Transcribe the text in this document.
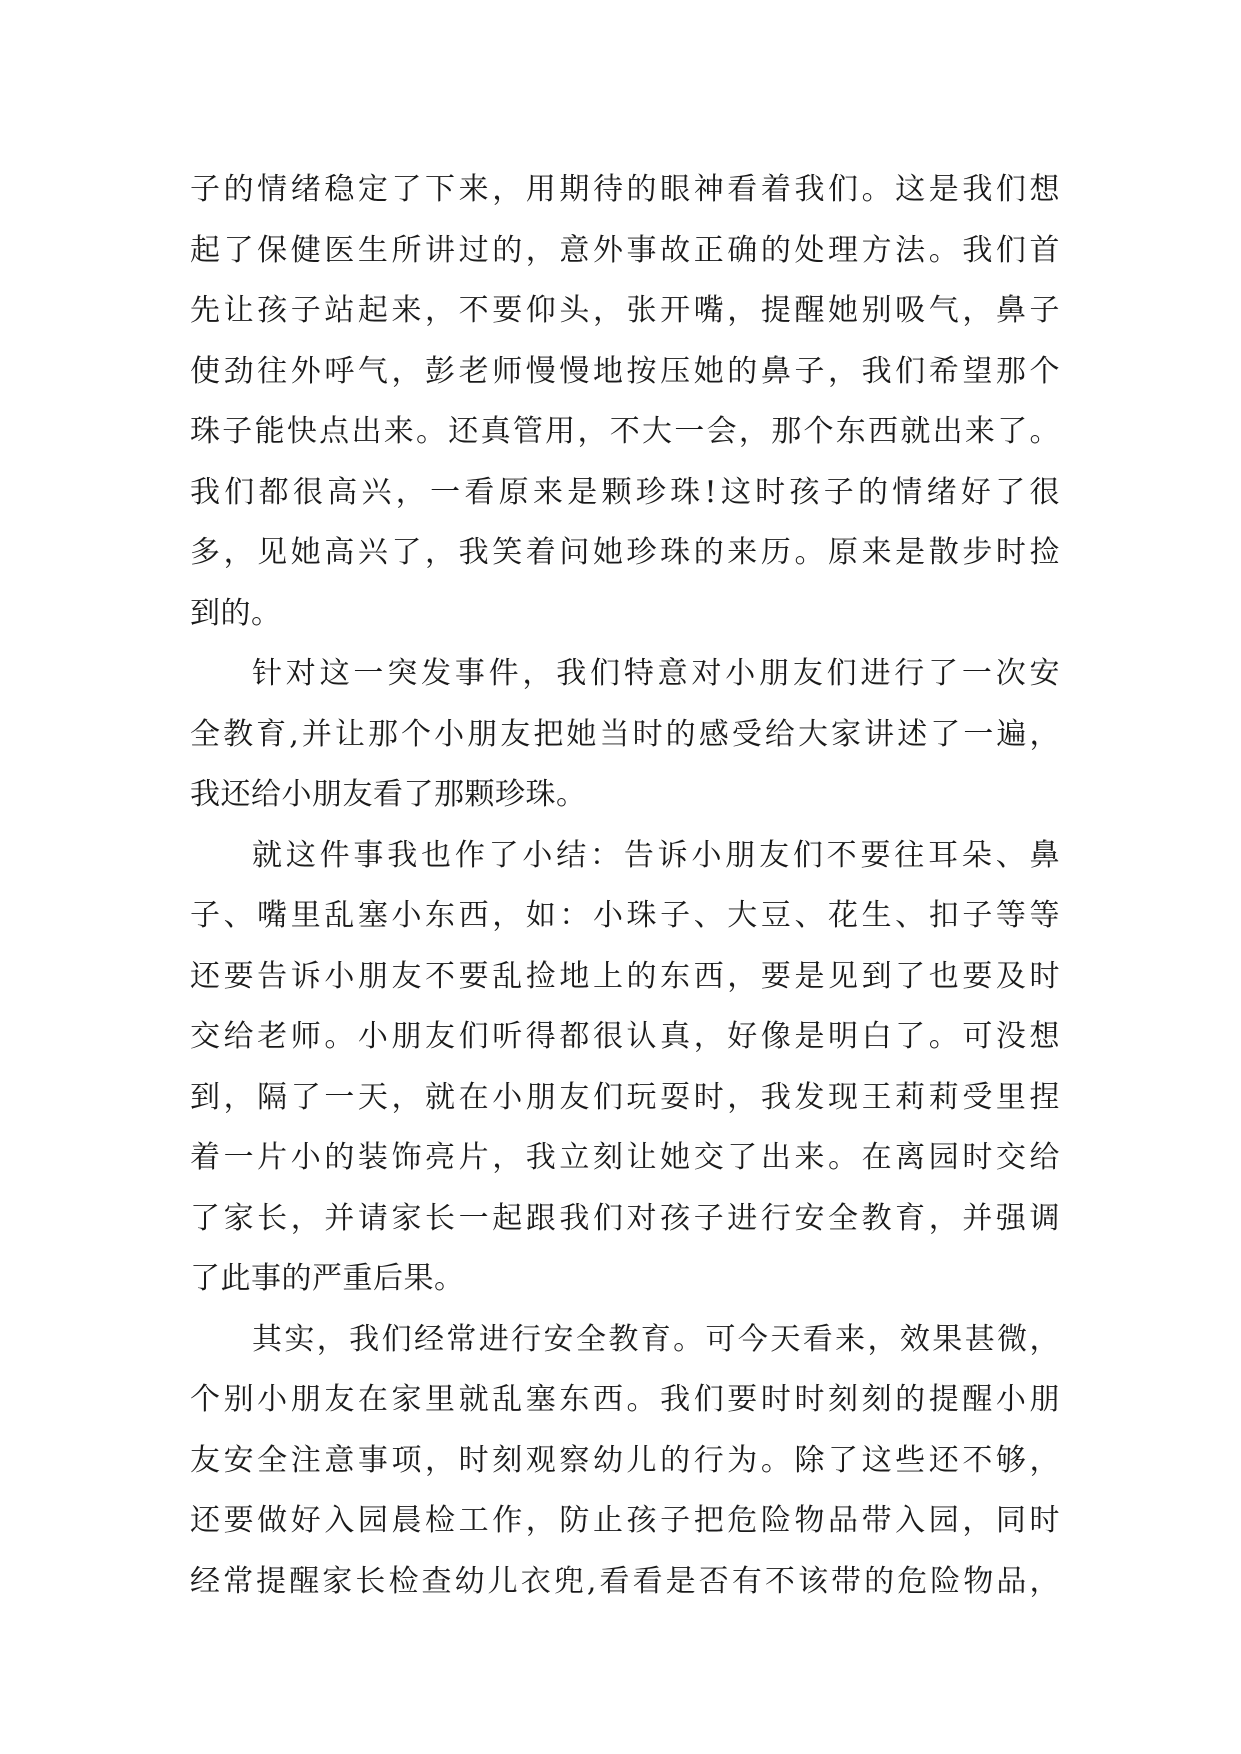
子的情绪稳定了下来，用期待的眼神看着我们。这是我们想
起了保健医生所讲过的，意外事故正确的处理方法。我们首
先让孩子站起来，不要仰头，张开嘴，提醒她别吸气，鼻子
使劲往外呼气，彭老师慢慢地按压她的鼻子，我们希望那个
珠子能快点出来。还真管用，不大一会，那个东西就出来了。
我们都很高兴，一看原来是颗珍珠!这时孩子的情绪好了很
多，见她高兴了，我笑着问她珍珠的来历。原来是散步时捡
到的。
针对这一突发事件，我们特意对小朋友们进行了一次安
全教育,并让那个小朋友把她当时的感受给大家讲述了一遍，
我还给小朋友看了那颗珍珠。
就这件事我也作了小结：告诉小朋友们不要往耳朵、鼻
子、嘴里乱塞小东西，如：小珠子、大豆、花生、扣子等等
还要告诉小朋友不要乱捡地上的东西，要是见到了也要及时
交给老师。小朋友们听得都很认真，好像是明白了。可没想
到，隔了一天，就在小朋友们玩耍时，我发现王莉莉受里捏
着一片小的装饰亮片，我立刻让她交了出来。在离园时交给
了家长，并请家长一起跟我们对孩子进行安全教育，并强调
了此事的严重后果。
其实，我们经常进行安全教育。可今天看来，效果甚微，
个别小朋友在家里就乱塞东西。我们要时时刻刻的提醒小朋
友安全注意事项，时刻观察幼儿的行为。除了这些还不够，
还要做好入园晨检工作，防止孩子把危险物品带入园，同时
经常提醒家长检查幼儿衣兜,看看是否有不该带的危险物品，
